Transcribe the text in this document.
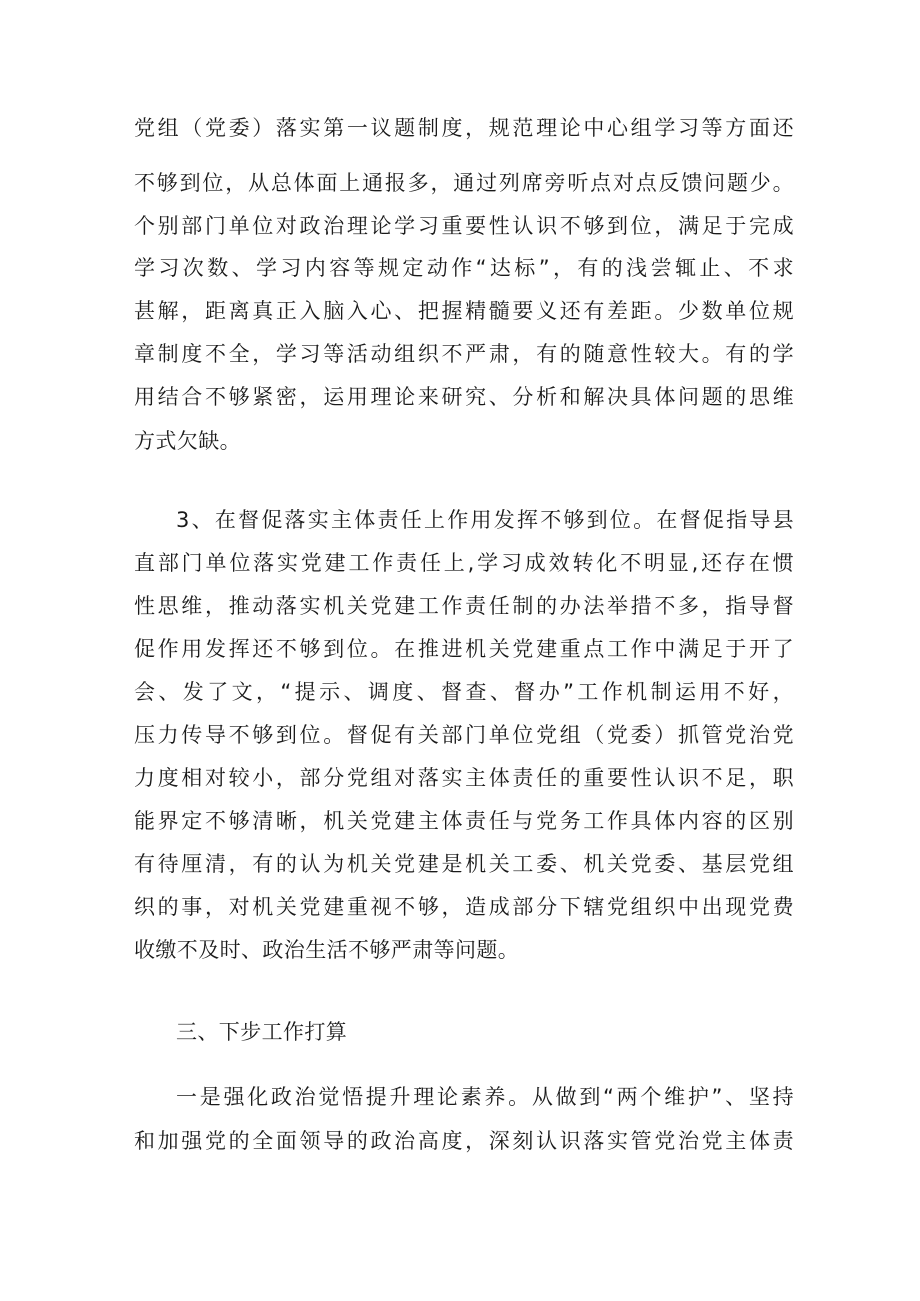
党组（党委）落实第一议题制度，规范理论中心组学习等方面还
不够到位，从总体面上通报多，通过列席旁听点对点反馈问题少。
个别部门单位对政治理论学习重要性认识不够到位，满足于完成
学习次数、学习内容等规定动作“达标”，有的浅尝辄止、不求
甚解，距离真正入脑入心、把握精髓要义还有差距。少数单位规
章制度不全，学习等活动组织不严肃，有的随意性较大。有的学
用结合不够紧密，运用理论来研究、分析和解决具体问题的思维
方式欠缺。
3、在督促落实主体责任上作用发挥不够到位。在督促指导县
直部门单位落实党建工作责任上,学习成效转化不明显,还存在惯
性思维，推动落实机关党建工作责任制的办法举措不多，指导督
促作用发挥还不够到位。在推进机关党建重点工作中满足于开了
会、发了文，“提示、调度、督查、督办”工作机制运用不好，
压力传导不够到位。督促有关部门单位党组（党委）抓管党治党
力度相对较小，部分党组对落实主体责任的重要性认识不足，职
能界定不够清晰，机关党建主体责任与党务工作具体内容的区别
有待厘清，有的认为机关党建是机关工委、机关党委、基层党组
织的事，对机关党建重视不够，造成部分下辖党组织中出现党费
收缴不及时、政治生活不够严肃等问题。
三、下步工作打算
一是强化政治觉悟提升理论素养。从做到“两个维护”、坚持
和加强党的全面领导的政治高度，深刻认识落实管党治党主体责
